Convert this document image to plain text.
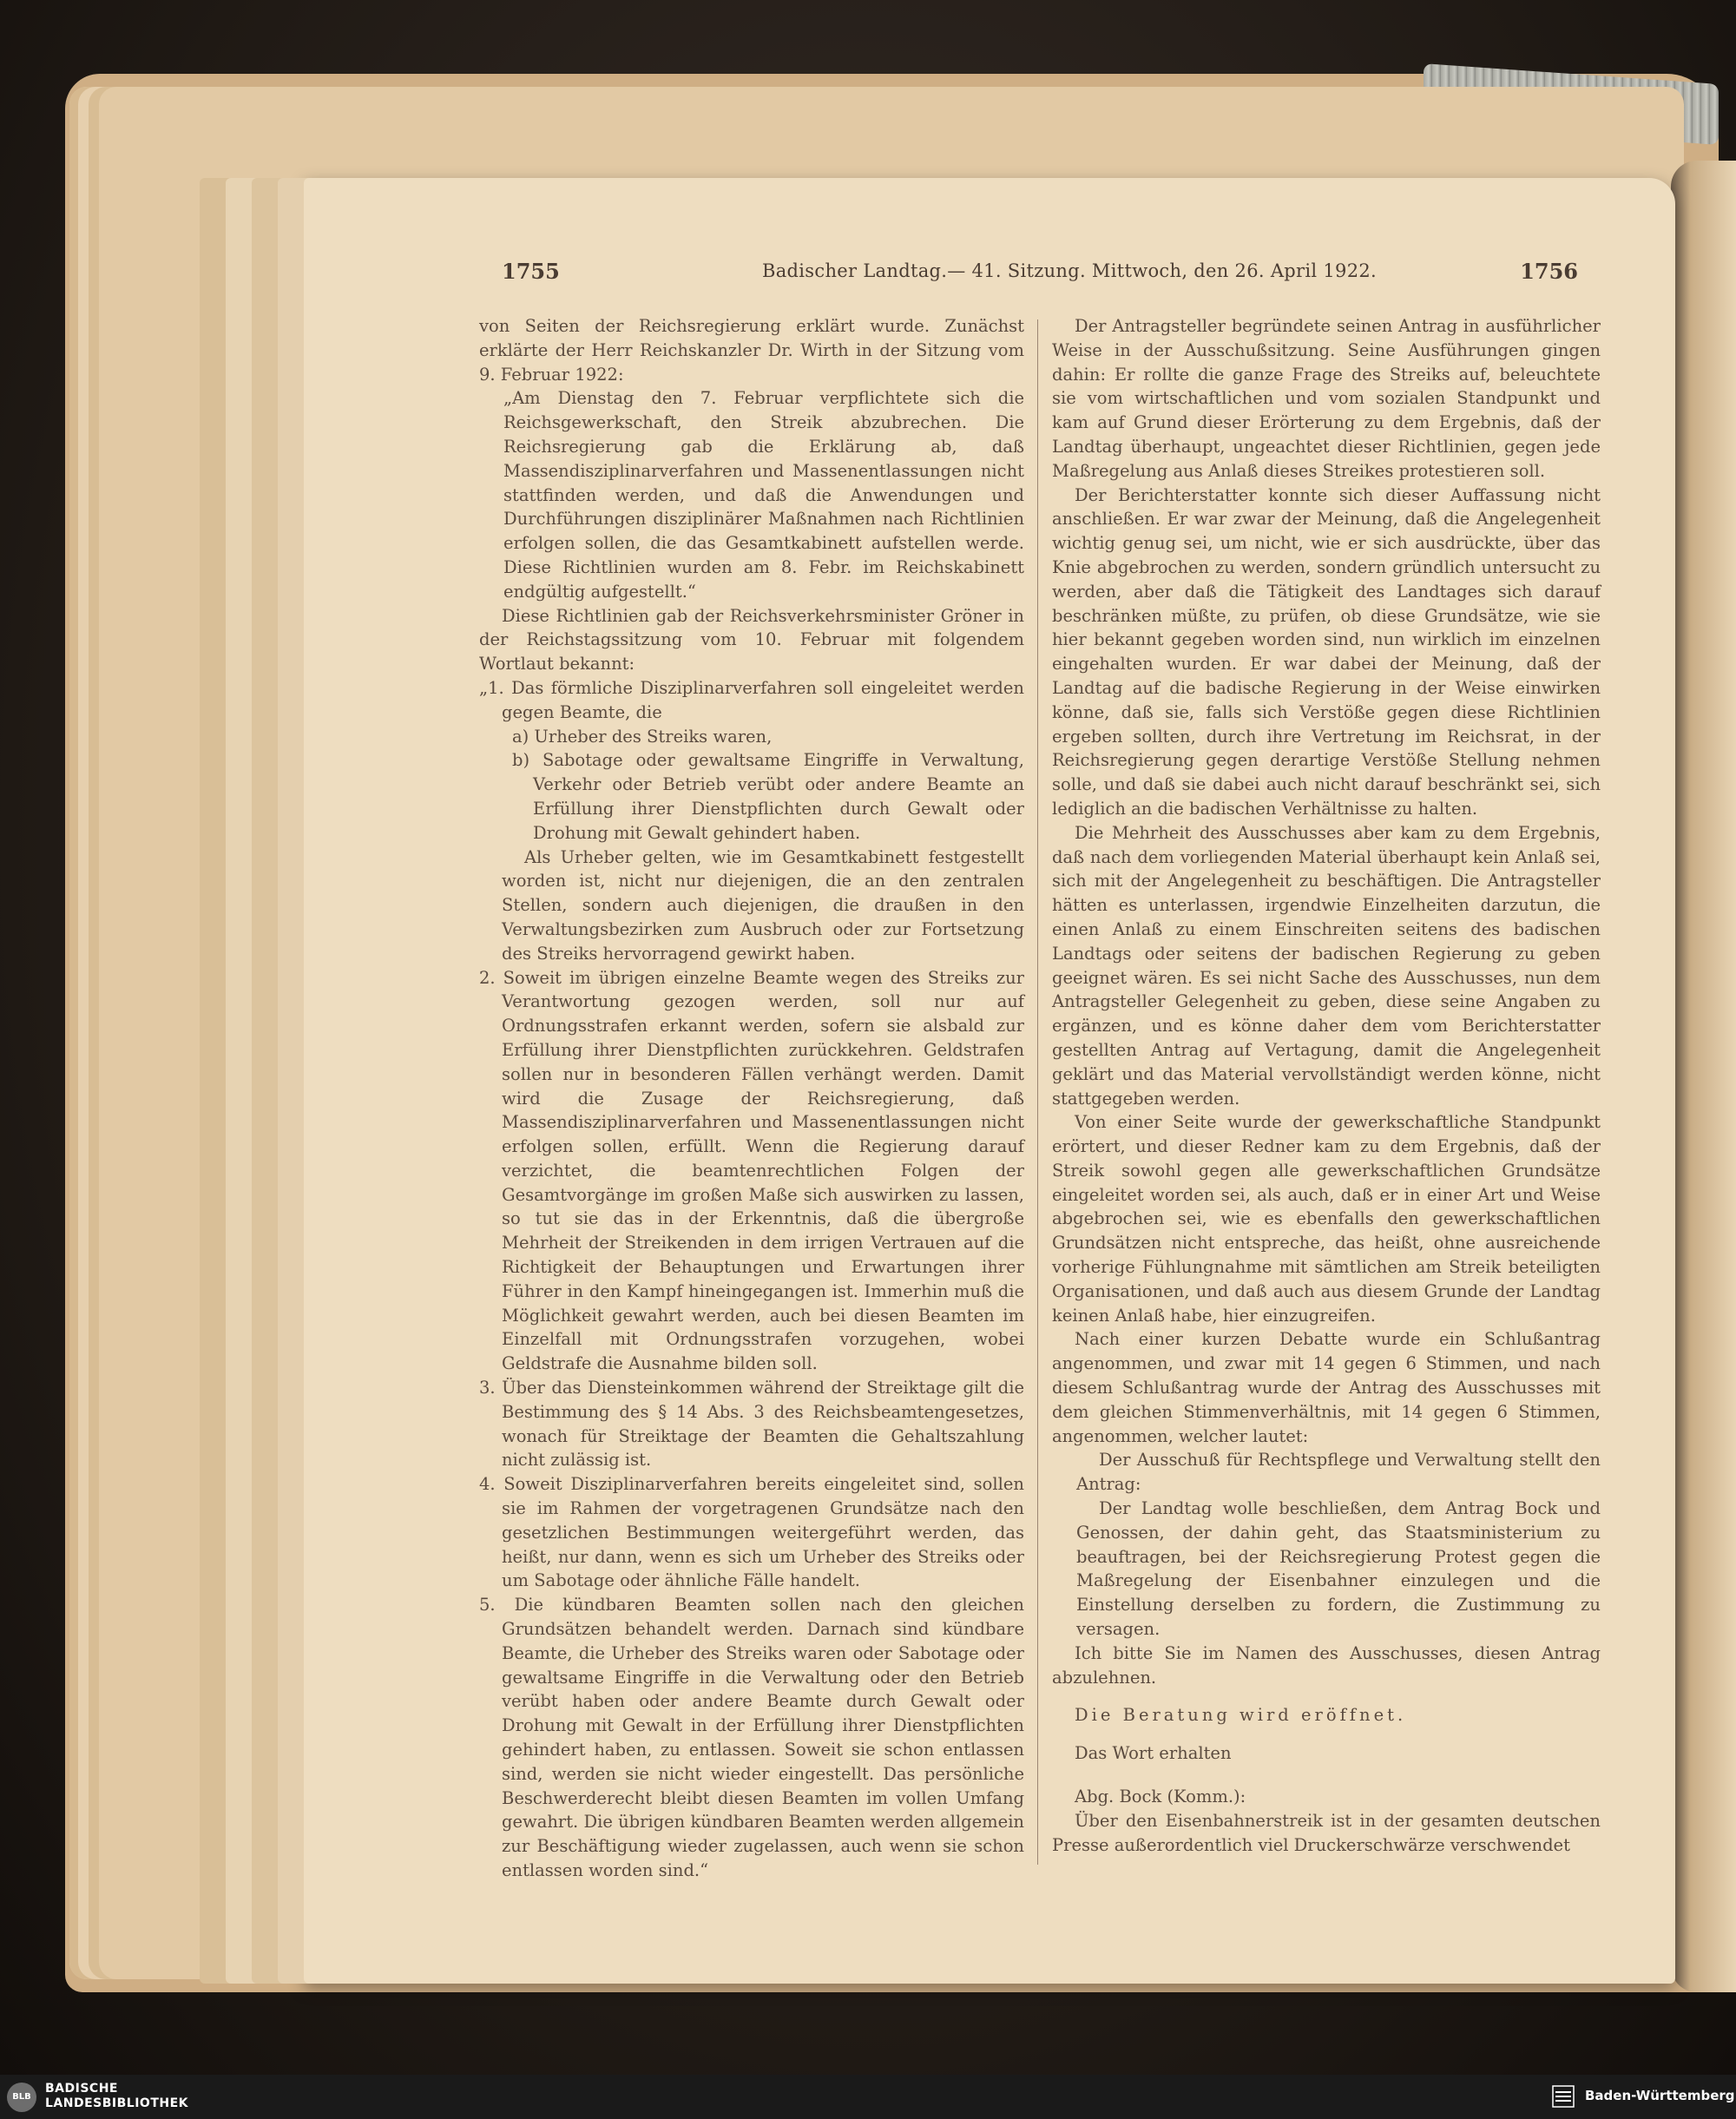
1755	Badischer Landtag.— 41. Sitzung. Mittwoch, den 26. April 1922.	1756

von Seiten der Reichsregierung erklärt wurde. Zunächst erklärte der Herr Reichskanzler Dr. Wirth in der Sitzung vom 9. Februar 1922:

„Am Dienstag den 7. Februar verpflichtete sich die Reichsgewerkschaft, den Streik abzubrechen. Die Reichsregierung gab die Erklärung ab, daß Massendisziplinarverfahren und Massenentlassungen nicht stattfinden werden, und daß die Anwendungen und Durchführungen disziplinärer Maßnahmen nach Richtlinien erfolgen sollen, die das Gesamtkabinett aufstellen werde. Diese Richtlinien wurden am 8. Febr. im Reichskabinett endgültig aufgestellt.“

Diese Richtlinien gab der Reichsverkehrsminister Gröner in der Reichstagssitzung vom 10. Februar mit folgendem Wortlaut bekannt:

„1. Das förmliche Disziplinarverfahren soll eingeleitet werden gegen Beamte, die

a) Urheber des Streiks waren,

b) Sabotage oder gewaltsame Eingriffe in Verwaltung, Verkehr oder Betrieb verübt oder andere Beamte an Erfüllung ihrer Dienstpflichten durch Gewalt oder Drohung mit Gewalt gehindert haben.

Als Urheber gelten, wie im Gesamtkabinett festgestellt worden ist, nicht nur diejenigen, die an den zentralen Stellen, sondern auch diejenigen, die draußen in den Verwaltungsbezirken zum Ausbruch oder zur Fortsetzung des Streiks hervorragend gewirkt haben.

2. Soweit im übrigen einzelne Beamte wegen des Streiks zur Verantwortung gezogen werden, soll nur auf Ordnungsstrafen erkannt werden, sofern sie alsbald zur Erfüllung ihrer Dienstpflichten zurückkehren. Geldstrafen sollen nur in besonderen Fällen verhängt werden. Damit wird die Zusage der Reichsregierung, daß Massendisziplinarverfahren und Massenentlassungen nicht erfolgen sollen, erfüllt. Wenn die Regierung darauf verzichtet, die beamtenrechtlichen Folgen der Gesamtvorgänge im großen Maße sich auswirken zu lassen, so tut sie das in der Erkenntnis, daß die übergroße Mehrheit der Streikenden in dem irrigen Vertrauen auf die Richtigkeit der Behauptungen und Erwartungen ihrer Führer in den Kampf hineingegangen ist. Immerhin muß die Möglichkeit gewahrt werden, auch bei diesen Beamten im Einzelfall mit Ordnungsstrafen vorzugehen, wobei Geldstrafe die Ausnahme bilden soll.

3. Über das Diensteinkommen während der Streiktage gilt die Bestimmung des § 14 Abs. 3 des Reichsbeamtengesetzes, wonach für Streiktage der Beamten die Gehaltszahlung nicht zulässig ist.

4. Soweit Disziplinarverfahren bereits eingeleitet sind, sollen sie im Rahmen der vorgetragenen Grundsätze nach den gesetzlichen Bestimmungen weitergeführt werden, das heißt, nur dann, wenn es sich um Urheber des Streiks oder um Sabotage oder ähnliche Fälle handelt.

5. Die kündbaren Beamten sollen nach den gleichen Grundsätzen behandelt werden. Darnach sind kündbare Beamte, die Urheber des Streiks waren oder Sabotage oder gewaltsame Eingriffe in die Verwaltung oder den Betrieb verübt haben oder andere Beamte durch Gewalt oder Drohung mit Gewalt in der Erfüllung ihrer Dienstpflichten gehindert haben, zu entlassen. Soweit sie schon entlassen sind, werden sie nicht wieder eingestellt. Das persönliche Beschwerderecht bleibt diesen Beamten im vollen Umfang gewahrt. Die übrigen kündbaren Beamten werden allgemein zur Beschäftigung wieder zugelassen, auch wenn sie schon entlassen worden sind.“

Der Antragsteller begründete seinen Antrag in ausführlicher Weise in der Ausschußsitzung. Seine Ausführungen gingen dahin: Er rollte die ganze Frage des Streiks auf, beleuchtete sie vom wirtschaftlichen und vom sozialen Standpunkt und kam auf Grund dieser Erörterung zu dem Ergebnis, daß der Landtag überhaupt, ungeachtet dieser Richtlinien, gegen jede Maßregelung aus Anlaß dieses Streikes protestieren soll.

Der Berichterstatter konnte sich dieser Auffassung nicht anschließen. Er war zwar der Meinung, daß die Angelegenheit wichtig genug sei, um nicht, wie er sich ausdrückte, über das Knie abgebrochen zu werden, sondern gründlich untersucht zu werden, aber daß die Tätigkeit des Landtages sich darauf beschränken müßte, zu prüfen, ob diese Grundsätze, wie sie hier bekannt gegeben worden sind, nun wirklich im einzelnen eingehalten wurden. Er war dabei der Meinung, daß der Landtag auf die badische Regierung in der Weise einwirken könne, daß sie, falls sich Verstöße gegen diese Richtlinien ergeben sollten, durch ihre Vertretung im Reichsrat, in der Reichsregierung gegen derartige Verstöße Stellung nehmen solle, und daß sie dabei auch nicht darauf beschränkt sei, sich lediglich an die badischen Verhältnisse zu halten.

Die Mehrheit des Ausschusses aber kam zu dem Ergebnis, daß nach dem vorliegenden Material überhaupt kein Anlaß sei, sich mit der Angelegenheit zu beschäftigen. Die Antragsteller hätten es unterlassen, irgendwie Einzelheiten darzutun, die einen Anlaß zu einem Einschreiten seitens des badischen Landtags oder seitens der badischen Regierung zu geben geeignet wären. Es sei nicht Sache des Ausschusses, nun dem Antragsteller Gelegenheit zu geben, diese seine Angaben zu ergänzen, und es könne daher dem vom Berichterstatter gestellten Antrag auf Vertagung, damit die Angelegenheit geklärt und das Material vervollständigt werden könne, nicht stattgegeben werden.

Von einer Seite wurde der gewerkschaftliche Standpunkt erörtert, und dieser Redner kam zu dem Ergebnis, daß der Streik sowohl gegen alle gewerkschaftlichen Grundsätze eingeleitet worden sei, als auch, daß er in einer Art und Weise abgebrochen sei, wie es ebenfalls den gewerkschaftlichen Grundsätzen nicht entspreche, das heißt, ohne ausreichende vorherige Fühlungnahme mit sämtlichen am Streik beteiligten Organisationen, und daß auch aus diesem Grunde der Landtag keinen Anlaß habe, hier einzugreifen.

Nach einer kurzen Debatte wurde ein Schlußantrag angenommen, und zwar mit 14 gegen 6 Stimmen, und nach diesem Schlußantrag wurde der Antrag des Ausschusses mit dem gleichen Stimmenverhältnis, mit 14 gegen 6 Stimmen, angenommen, welcher lautet:

Der Ausschuß für Rechtspflege und Verwaltung stellt den Antrag:

Der Landtag wolle beschließen, dem Antrag Bock und Genossen, der dahin geht, das Staatsministerium zu beauftragen, bei der Reichsregierung Protest gegen die Maßregelung der Eisenbahner einzulegen und die Einstellung derselben zu fordern, die Zustimmung zu versagen.

Ich bitte Sie im Namen des Ausschusses, diesen Antrag abzulehnen.

Die Beratung wird eröffnet.

Das Wort erhalten

Abg. Bock (Komm.):

Über den Eisenbahnerstreik ist in der gesamten deutschen Presse außerordentlich viel Druckerschwärze verschwendet

BLB
BADISCHE
LANDESBIBLIOTHEK	Baden-Württemberg
